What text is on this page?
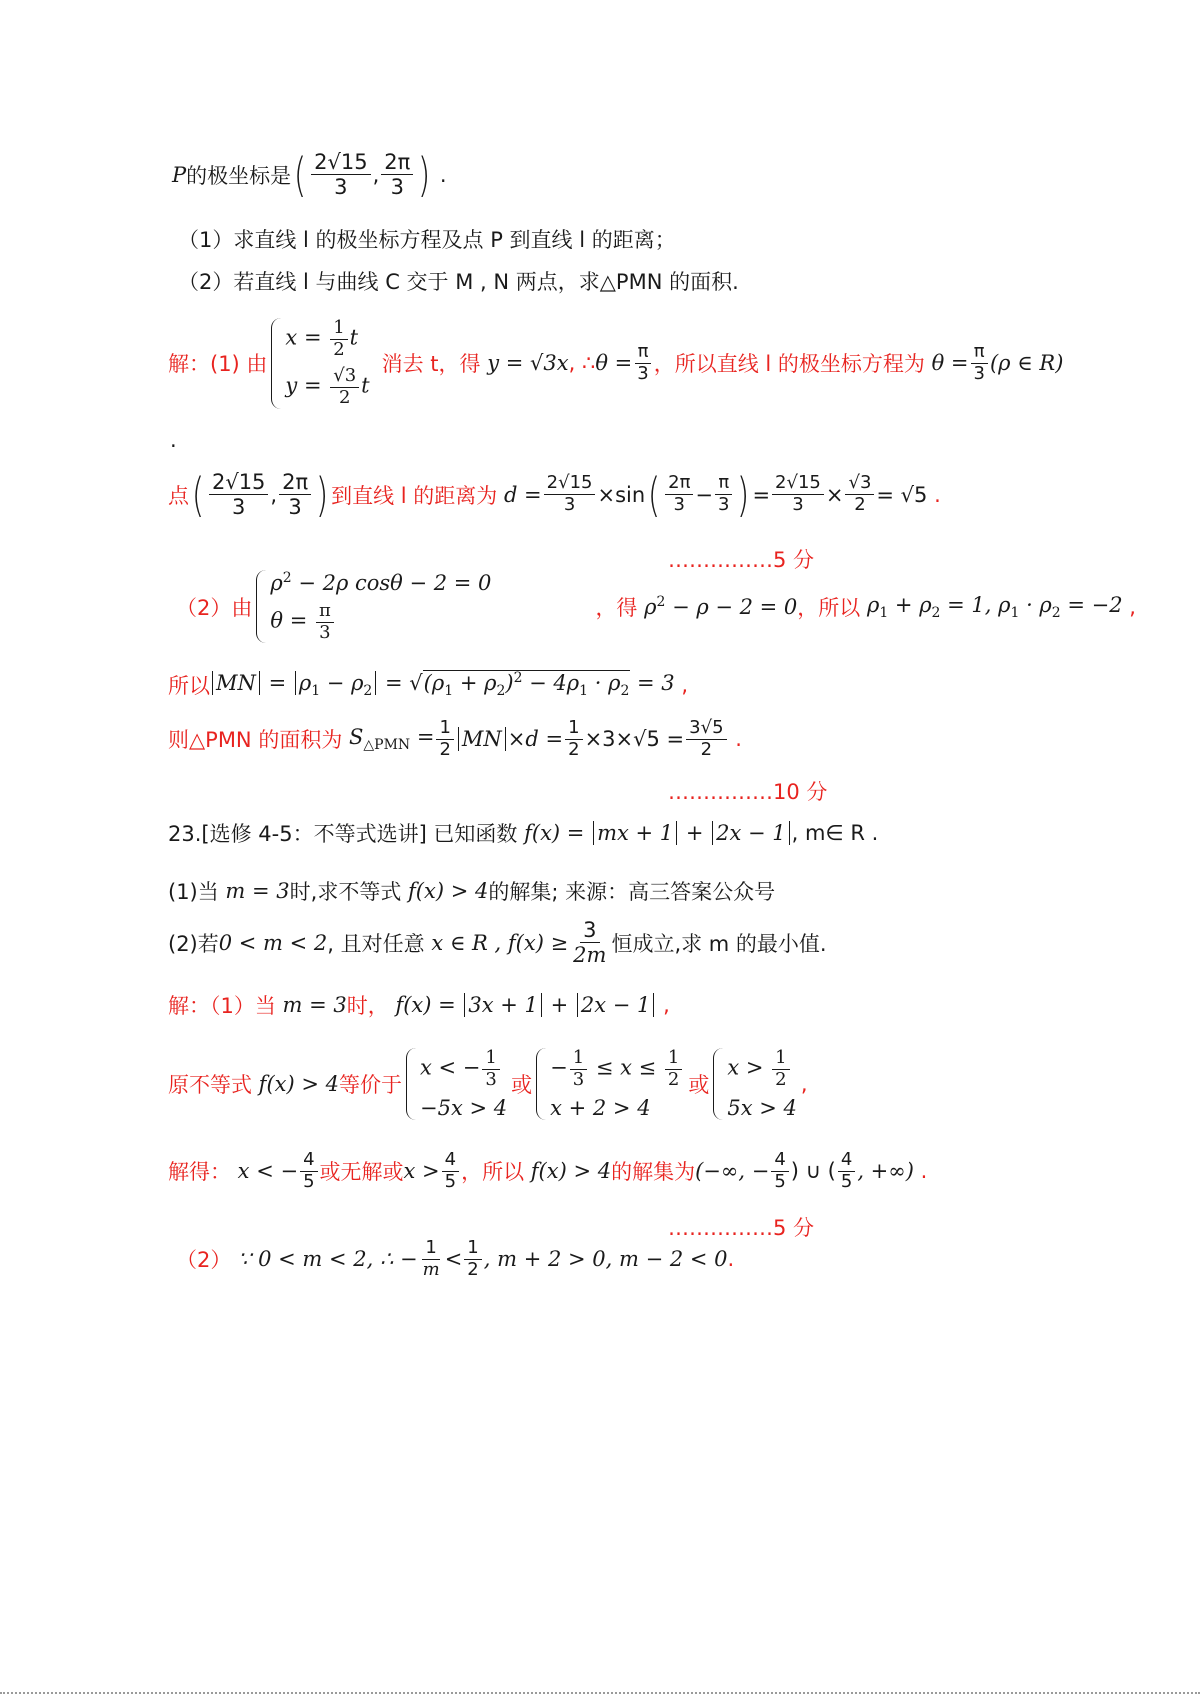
P 的极坐标是 ( $\frac{2√15}{3}$ , $\frac{2\pi}{3}$ ) .
（1）求直线 l 的极坐标方程及点 P 到直线 l 的距离；
（2）若直线 l 与曲线 C 交于 M , N 两点，求△PMN 的面积.
解：(1) 由
$x = \frac{1}{2}$ t
$y = \frac{√3}{2}$ t
消去 t，得 y = √3x , ∴ $\theta = \frac{\pi}{3}$ ，所以直线 l 的极坐标方程为 $\theta = \frac{\pi}{3} (\rho$ ∈ R)
.
点 ( $\frac{2√15}{3}$ , $\frac{2\pi}{3}$ ) 到直线 l 的距离为 $d = \frac{2√15}{3} \times\sin$ ( $\frac{2\pi}{3} - \frac{\pi}{3}$ ) = $\frac{2√15}{3} \times \frac{√3}{2} = √5$ .
……………5 分
（2）由
$\rho^2 - 2\rho$ cosθ − 2 = 0
$\theta = \frac{\pi}{3}$	，得 $\rho^2 - \rho - 2 = 0$ ，所以 $\rho_1 + \rho_2 = 1$, $\rho_1 \cdot \rho_2 = -2$ ,
所以 MN = $\rho_1 - \rho_2 = √(\rho_1 + \rho_2)^2 - 4\rho_1 \cdot \rho_2 = 3$ ,
则△PMN 的面积为 $S_{\triangle PMN} = \frac{1}{2}$ MN $\times d = \frac{1}{2} \times 3\times√5 = \frac{3√5}{2}$ .
……………10 分
23.[选修 4-5：不等式选讲] 已知函数 f(x) = mx + 1 + 2x − 1 , m∈ R .
(1)当 m = 3 时,求不等式 f(x) > 4 的解集; 来源：高三答案公众号
(2)若 0 < m < 2 , 且对任意 x ∈ R , $f(x) \ge \frac{3}{2m}$ 恒成立,求 m 的最小值.
解：（1）当 m = 3 时， f(x) = 3x + 1 + 2x − 1 ,
原不等式 f(x) > 4 等价于
x < − $\frac{1}{3}$
−5x > 4
或
− $\frac{1}{3} \le x \le \frac{1}{2}$
x + 2 > 4
或
$x > \frac{1}{2}$
5x > 4
,
解得： x < − $\frac{4}{5}$ 或无解或 $x > \frac{4}{5}$ ，所以 f(x) > 4 的解集为 (−∞, − $\frac{4}{5}$ ) ∪ ( $\frac{4}{5}$ , +∞) .
……………5 分
（2） ∵ 0 < m < 2, ∴ − $\frac{1}{m} < \frac{1}{2}$ , m + 2 > 0, m − 2 < 0 .
